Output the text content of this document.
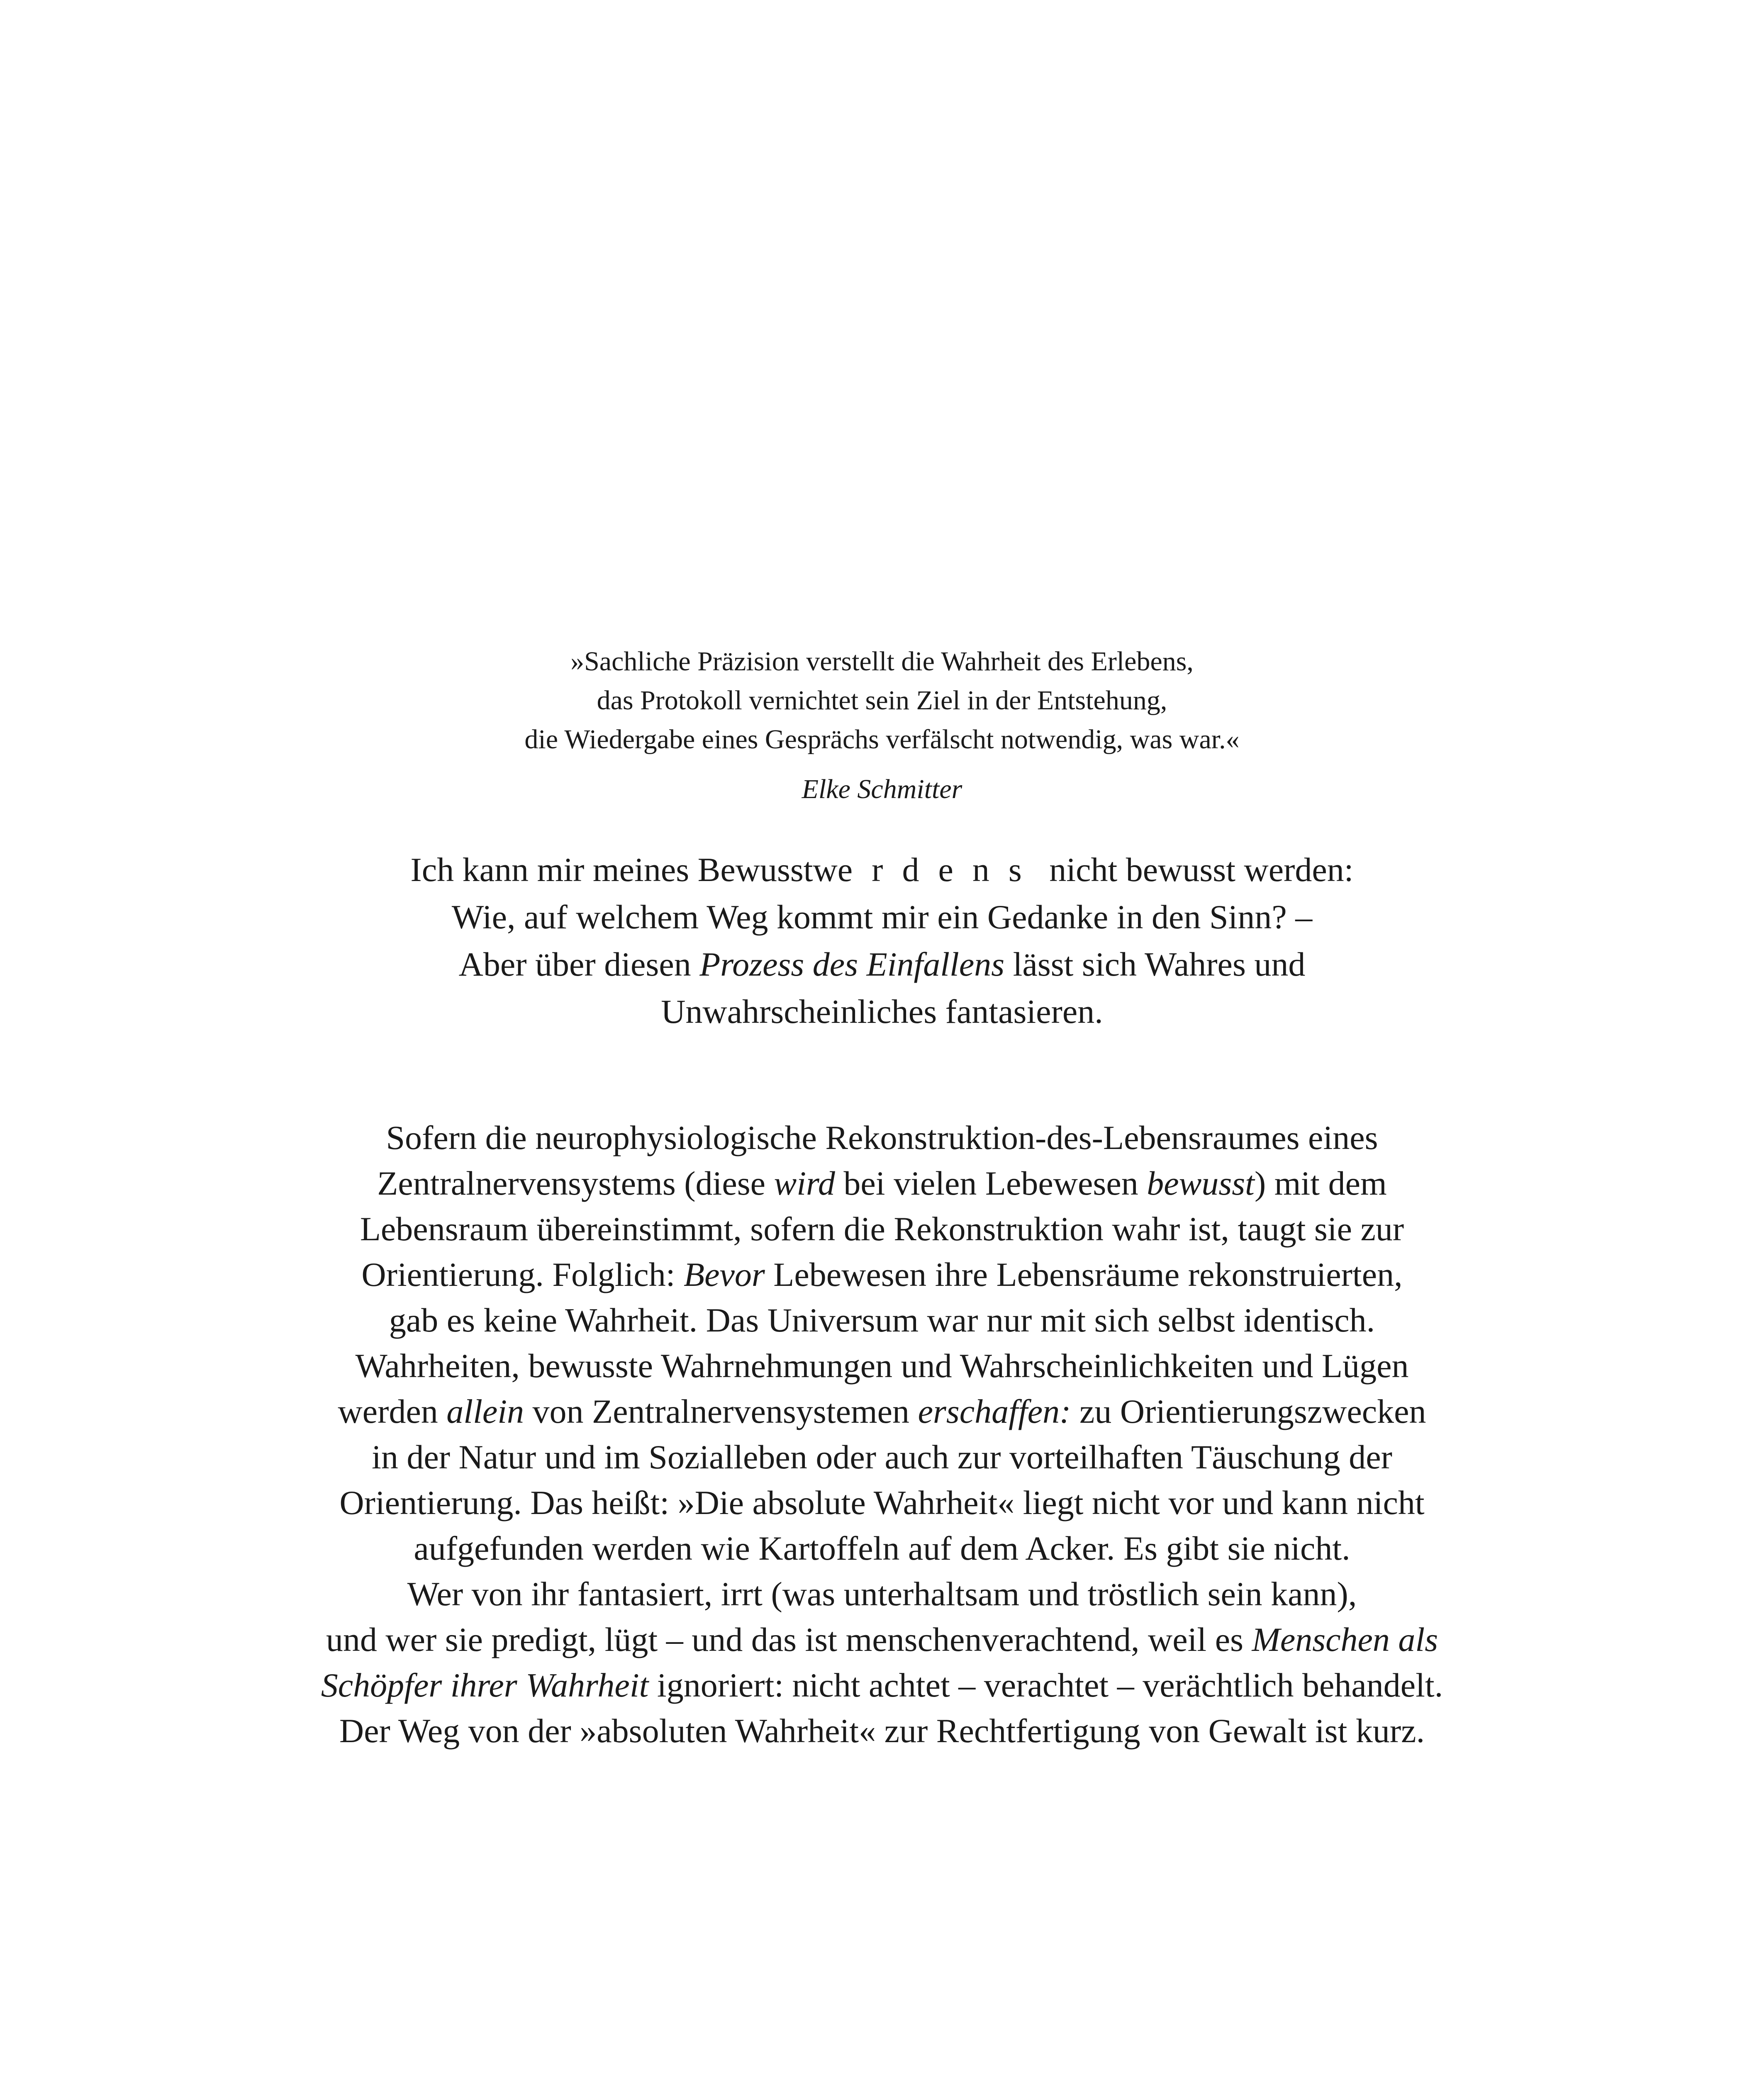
»Sachliche Präzision verstellt die Wahrheit des Erlebens,
das Protokoll vernichtet sein Ziel in der Entstehung,
die Wiedergabe eines Gesprächs verfälscht notwendig, was war.«
Elke Schmitter
Ich kann mir meines Bewusstwerdens nicht bewusst werden:
Wie, auf welchem Weg kommt mir ein Gedanke in den Sinn? –
Aber über diesen Prozess des Einfallens lässt sich Wahres und
Unwahrscheinliches fantasieren.
Sofern die neurophysiologische Rekonstruktion-des-Lebensraumes eines
Zentralnervensystems (diese wird bei vielen Lebewesen bewusst) mit dem
Lebensraum übereinstimmt, sofern die Rekonstruktion wahr ist, taugt sie zur
Orientierung. Folglich: Bevor Lebewesen ihre Lebensräume rekonstruierten,
gab es keine Wahrheit. Das Universum war nur mit sich selbst identisch.
Wahrheiten, bewusste Wahrnehmungen und Wahrscheinlichkeiten und Lügen
werden allein von Zentralnervensystemen erschaffen: zu Orientierungszwecken
in der Natur und im Sozialleben oder auch zur vorteilhaften Täuschung der
Orientierung. Das heißt: »Die absolute Wahrheit« liegt nicht vor und kann nicht
aufgefunden werden wie Kartoffeln auf dem Acker. Es gibt sie nicht.
Wer von ihr fantasiert, irrt (was unterhaltsam und tröstlich sein kann),
und wer sie predigt, lügt – und das ist menschenverachtend, weil es Menschen als
Schöpfer ihrer Wahrheit ignoriert: nicht achtet – verachtet – verächtlich behandelt.
Der Weg von der »absoluten Wahrheit« zur Rechtfertigung von Gewalt ist kurz.
